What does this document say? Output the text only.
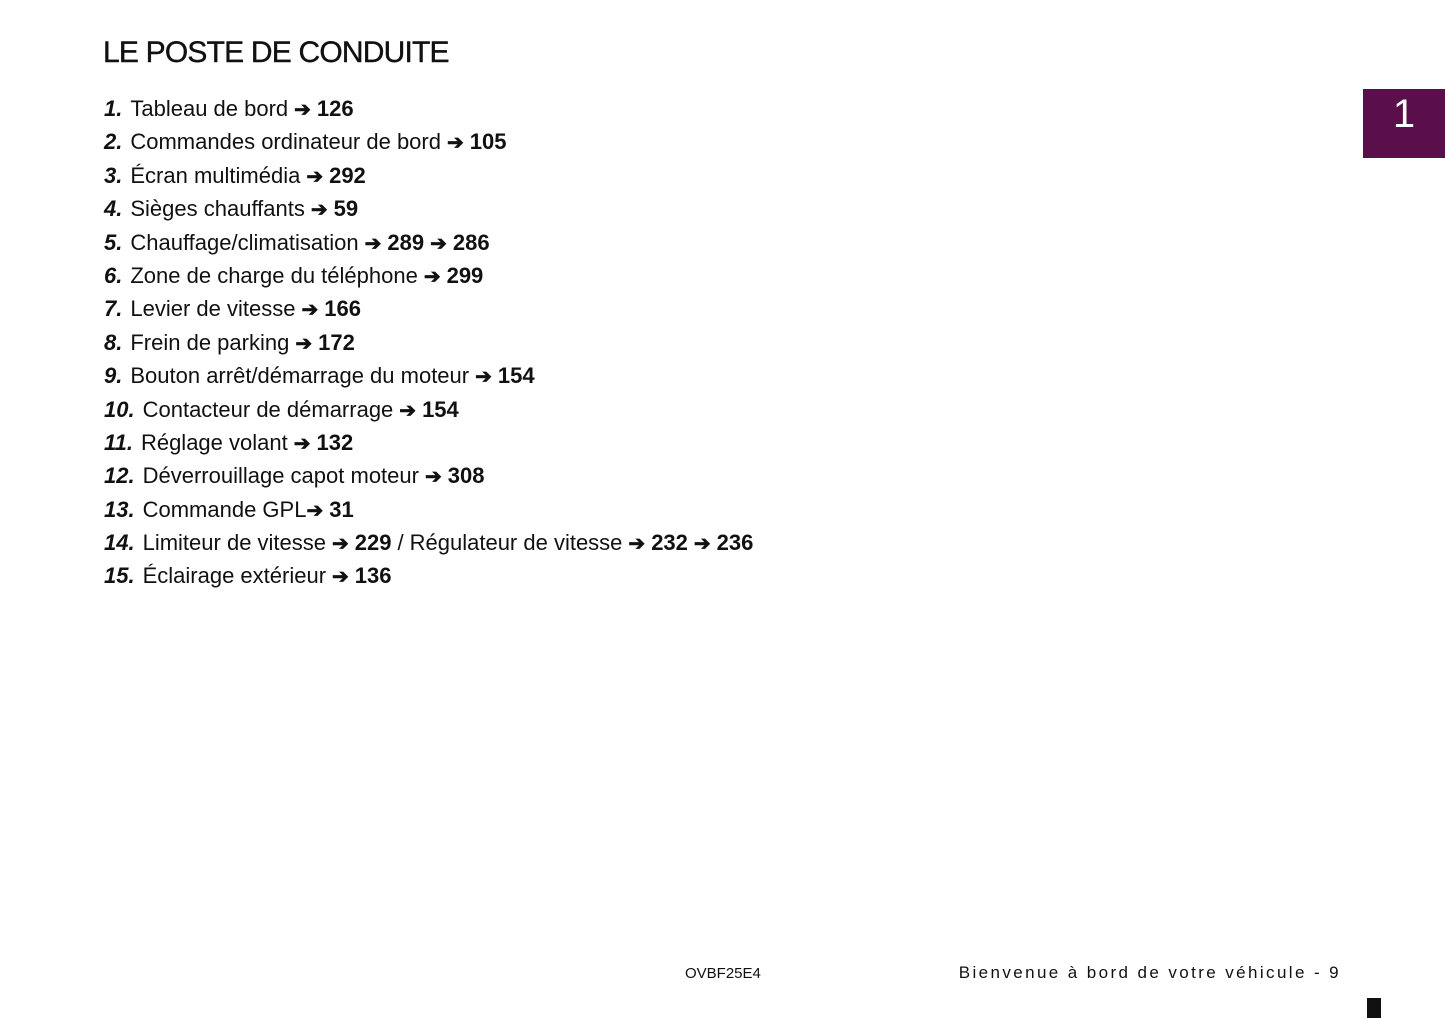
LE POSTE DE CONDUITE
1. Tableau de bord ➔ 126
2. Commandes ordinateur de bord ➔ 105
3. Écran multimédia ➔ 292
4. Sièges chauffants ➔ 59
5. Chauffage/climatisation ➔ 289 ➔ 286
6. Zone de charge du téléphone ➔ 299
7. Levier de vitesse ➔ 166
8. Frein de parking ➔ 172
9. Bouton arrêt/démarrage du moteur ➔ 154
10. Contacteur de démarrage ➔ 154
11. Réglage volant ➔ 132
12. Déverrouillage capot moteur ➔ 308
13. Commande GPL➔ 31
14. Limiteur de vitesse ➔ 229 / Régulateur de vitesse ➔ 232 ➔ 236
15. Éclairage extérieur ➔ 136
1
OVBF25E4	Bienvenue à bord de votre véhicule - 9
